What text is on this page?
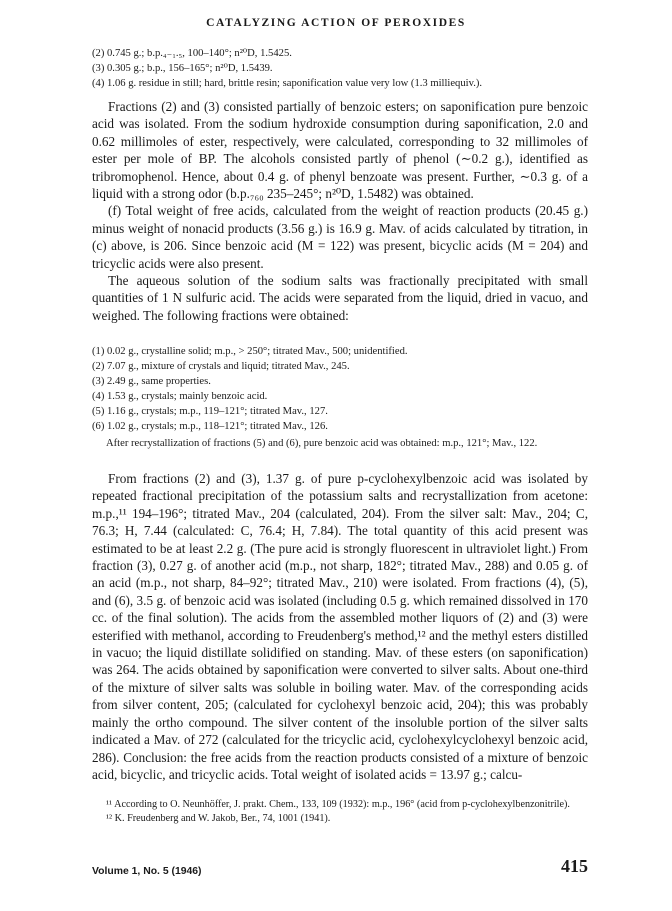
CATALYZING ACTION OF PEROXIDES

(2) 0.745 g.; b.p.₄₋₁.₅, 100–140°; n²⁰D, 1.5425.

(3) 0.305 g.; b.p., 156–165°; n²⁰D, 1.5439.

(4) 1.06 g. residue in still; hard, brittle resin; saponification value very low (1.3 milliequiv.).

Fractions (2) and (3) consisted partially of benzoic esters; on saponification pure benzoic acid was isolated. From the sodium hydroxide consumption during saponification, 2.0 and 0.62 millimoles of ester, respectively, were calculated, corresponding to 32 millimoles of ester per mole of BP. The alcohols consisted partly of phenol (∼0.2 g.), identified as tribromophenol. Hence, about 0.4 g. of phenyl benzoate was present. Further, ∼0.3 g. of a liquid with a strong odor (b.p.₇₆₀ 235–245°; n²⁰D, 1.5482) was obtained.

(f) Total weight of free acids, calculated from the weight of reaction products (20.45 g.) minus weight of nonacid products (3.56 g.) is 16.9 g. Mav. of acids calculated by titration, in (c) above, is 206. Since benzoic acid (M = 122) was present, bicyclic acids (M = 204) and tricyclic acids were also present.

The aqueous solution of the sodium salts was fractionally precipitated with small quantities of 1 N sulfuric acid. The acids were separated from the liquid, dried in vacuo, and weighed. The following fractions were obtained:

(1) 0.02 g., crystalline solid; m.p., > 250°; titrated Mav., 500; unidentified.

(2) 7.07 g., mixture of crystals and liquid; titrated Mav., 245.

(3) 2.49 g., same properties.

(4) 1.53 g., crystals; mainly benzoic acid.

(5) 1.16 g., crystals; m.p., 119–121°; titrated Mav., 127.

(6) 1.02 g., crystals; m.p., 118–121°; titrated Mav., 126.

After recrystallization of fractions (5) and (6), pure benzoic acid was obtained: m.p., 121°; Mav., 122.

From fractions (2) and (3), 1.37 g. of pure p-cyclohexylbenzoic acid was isolated by repeated fractional precipitation of the potassium salts and recrystallization from acetone: m.p.,¹¹ 194–196°; titrated Mav., 204 (calculated, 204). From the silver salt: Mav., 204; C, 76.3; H, 7.44 (calculated: C, 76.4; H, 7.84). The total quantity of this acid present was estimated to be at least 2.2 g. (The pure acid is strongly fluorescent in ultraviolet light.) From fraction (3), 0.27 g. of another acid (m.p., not sharp, 182°; titrated Mav., 288) and 0.05 g. of an acid (m.p., not sharp, 84–92°; titrated Mav., 210) were isolated. From fractions (4), (5), and (6), 3.5 g. of benzoic acid was isolated (including 0.5 g. which remained dissolved in 170 cc. of the final solution). The acids from the assembled mother liquors of (2) and (3) were esterified with methanol, according to Freudenberg's method,¹² and the methyl esters distilled in vacuo; the liquid distillate solidified on standing. Mav. of these esters (on saponification) was 264. The acids obtained by saponification were converted to silver salts. About one-third of the mixture of silver salts was soluble in boiling water. Mav. of the corresponding acids from silver content, 205; (calculated for cyclohexyl benzoic acid, 204); this was probably mainly the ortho compound. The silver content of the insoluble portion of the silver salts indicated a Mav. of 272 (calculated for the tricyclic acid, cyclohexylcyclohexyl benzoic acid, 286). Conclusion: the free acids from the reaction products consisted of a mixture of benzoic acid, bicyclic, and tricyclic acids. Total weight of isolated acids = 13.97 g.; calcu-

¹¹ According to O. Neunhöffer, J. prakt. Chem., 133, 109 (1932): m.p., 196° (acid from p-cyclohexylbenzonitrile).

¹² K. Freudenberg and W. Jakob, Ber., 74, 1001 (1941).

Volume 1, No. 5 (1946)	415
